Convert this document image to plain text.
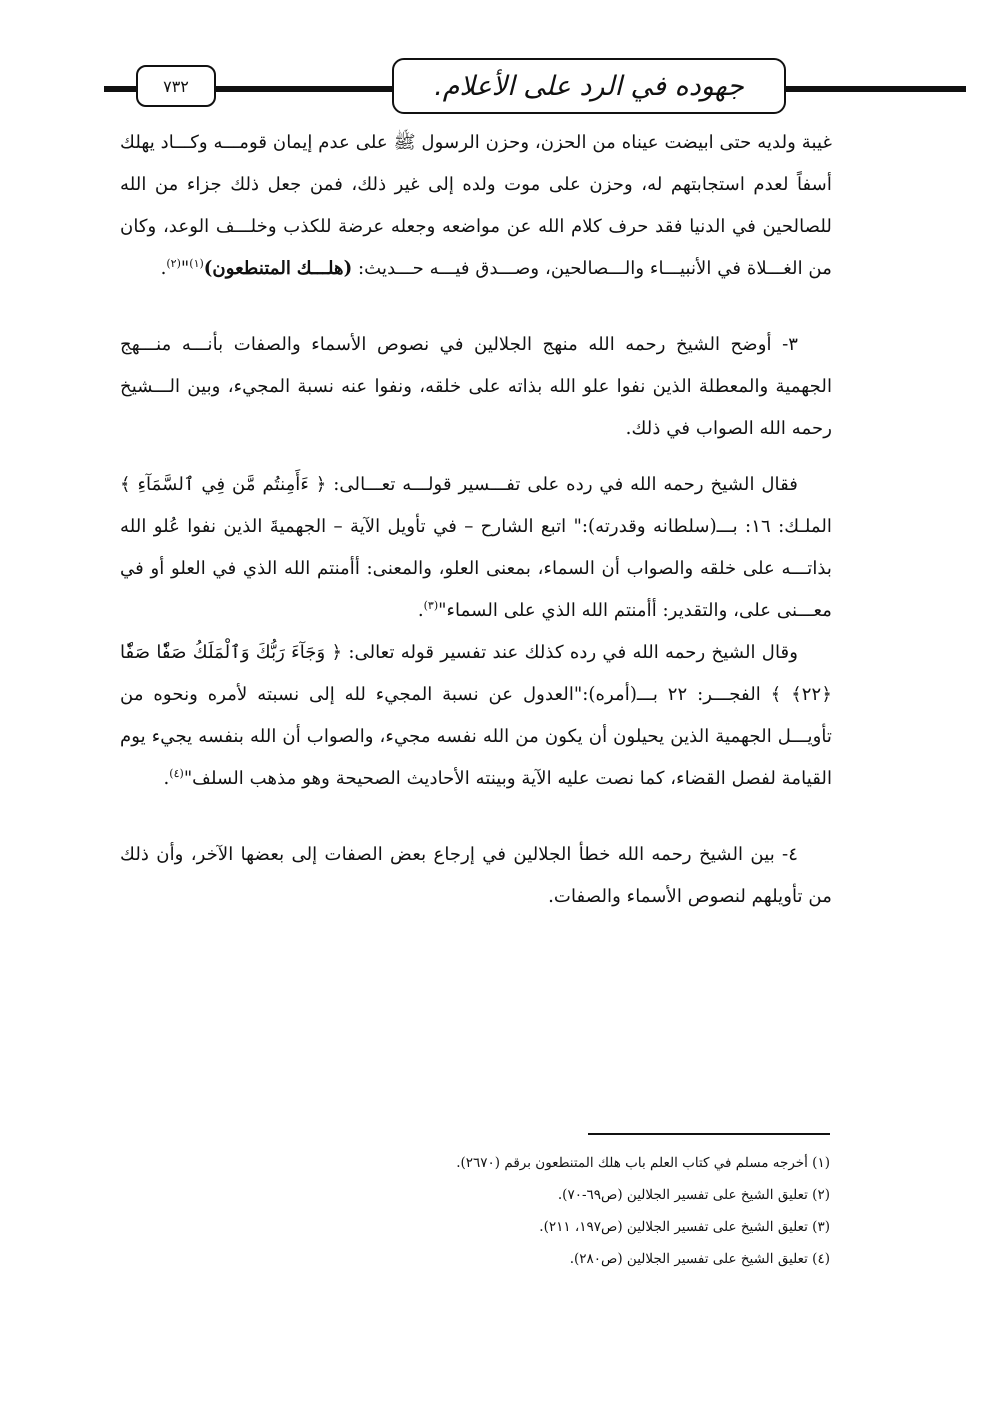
٧٣٢	جهوده في الرد على الأعلام.

غيبة ولديه حتى ابيضت عيناه من الحزن، وحزن الرسول ﷺ على عدم إيمان قومـــه وكـــاد يهلك أسفاً لعدم استجابتهم له، وحزن على موت ولده إلى غير ذلك، فمن جعل ذلك جزاء من الله للصالحين في الدنيا فقد حرف كلام الله عن مواضعه وجعله عرضة للكذب وخلـــف الوعد، وكان من الغـــلاة في الأنبيـــاء والـــصالحين، وصـــدق فيـــه حـــديث: (هلـــك المتنطعون)$^{(١)}$"$^{(٢)}$.

٣- أوضح الشيخ رحمه الله منهج الجلالين في نصوص الأسماء والصفات بأنـــه منـــهج الجهمية والمعطلة الذين نفوا علو الله بذاته على خلقه، ونفوا عنه نسبة المجيء، وبين الـــشيخ رحمه الله الصواب في ذلك.

فقال الشيخ رحمه الله في رده على تفـــسير قولـــه تعـــالى: ﴿ ءَأَمِنتُم مَّن فِي ٱلسَّمَآءِ ﴾ الملـك: ١٦: بـــ(سلطانه وقدرته):" اتبع الشارح – في تأويل الآية – الجهميةَ الذين نفوا عُلو الله بذاتـــه على خلقه والصواب أن السماء، بمعنى العلو، والمعنى: أأمنتم الله الذي في العلو أو في معـــنى على، والتقدير: أأمنتم الله الذي على السماء"$^{(٣)}$.

وقال الشيخ رحمه الله في رده كذلك عند تفسير قوله تعالى: ﴿ وَجَآءَ رَبُّكَ وَٱلْمَلَكُ صَفّٗا صَفّٗا ﴿٢٢﴾ ﴾ الفجـــر: ٢٢ بـــ(أمره):"العدول عن نسبة المجيء لله إلى نسبته لأمره ونحوه من تأويـــل الجهمية الذين يحيلون أن يكون من الله نفسه مجيء، والصواب أن الله بنفسه يجيء يوم القيامة لفصل القضاء، كما نصت عليه الآية وبينته الأحاديث الصحيحة وهو مذهب السلف"$^{(٤)}$.

٤- بين الشيخ رحمه الله خطأ الجلالين في إرجاع بعض الصفات إلى بعضها الآخر، وأن ذلك من تأويلهم لنصوص الأسماء والصفات.

(١) أخرجه مسلم في كتاب العلم باب هلك المتنطعون برقم (٢٦٧٠).
(٢) تعليق الشيخ على تفسير الجلالين (ص٦٩-٧٠).
(٣) تعليق الشيخ على تفسير الجلالين (ص١٩٧، ٢١١).
(٤) تعليق الشيخ على تفسير الجلالين (ص٢٨٠).
